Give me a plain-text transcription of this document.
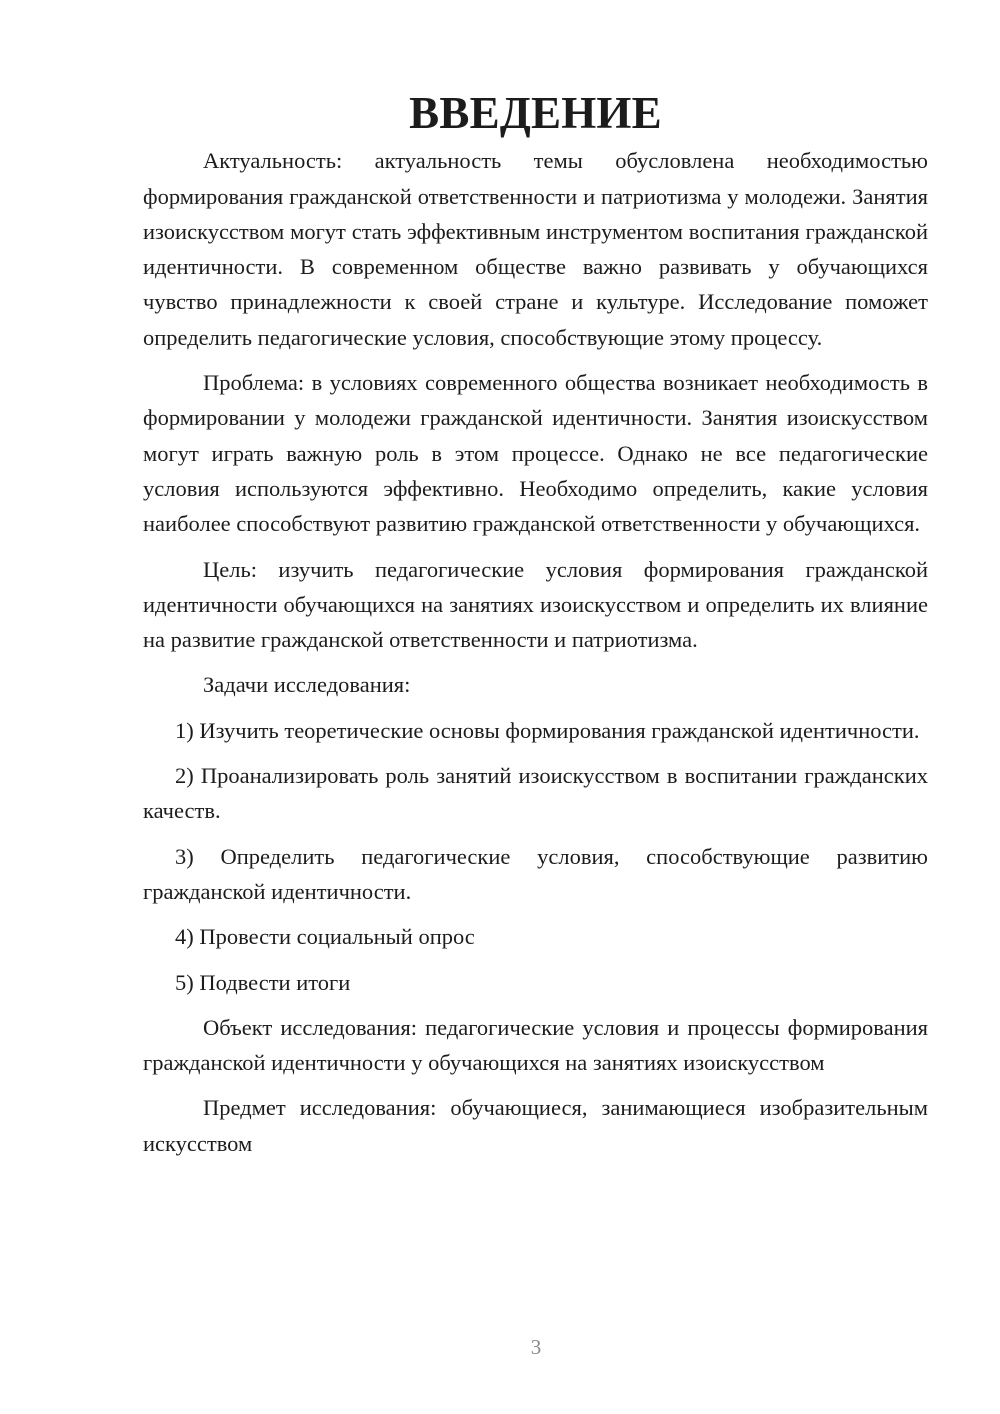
ВВЕДЕНИЕ

Актуальность: актуальность темы обусловлена необходимостью формирования гражданской ответственности и патриотизма у молодежи. Занятия изоискусством могут стать эффективным инструментом воспитания гражданской идентичности. В современном обществе важно развивать у обучающихся чувство принадлежности к своей стране и культуре. Исследование поможет определить педагогические условия, способствующие этому процессу.

Проблема: в условиях современного общества возникает необходимость в формировании у молодежи гражданской идентичности. Занятия изоискусством могут играть важную роль в этом процессе. Однако не все педагогические условия используются эффективно. Необходимо определить, какие условия наиболее способствуют развитию гражданской ответственности у обучающихся.

Цель: изучить педагогические условия формирования гражданской идентичности обучающихся на занятиях изоискусством и определить их влияние на развитие гражданской ответственности и патриотизма.

Задачи исследования:

1) Изучить теоретические основы формирования гражданской идентичности.

2) Проанализировать роль занятий изоискусством в воспитании гражданских качеств.

3) Определить педагогические условия, способствующие развитию гражданской идентичности.

4) Провести социальный опрос

5) Подвести итоги

Объект исследования: педагогические условия и процессы формирования гражданской идентичности у обучающихся на занятиях изоискусством

Предмет исследования: обучающиеся, занимающиеся изобразительным искусством

3
